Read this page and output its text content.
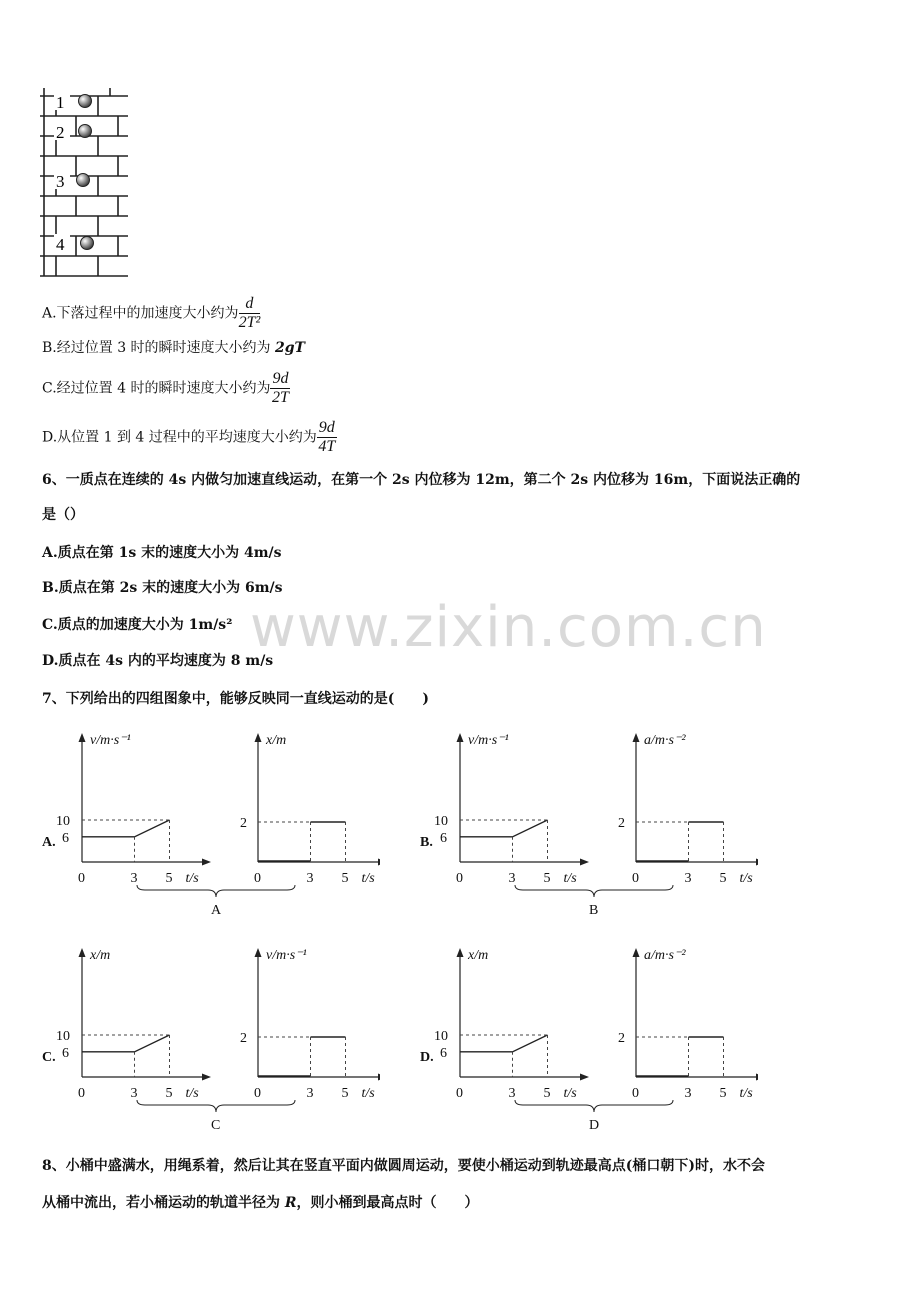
www.zixin.com.cn
1
2
3
4
A.下落过程中的加速度大小约为 $\frac{d}{\text{2T²}}$
B.经过位置 3 时的瞬时速度大小约为 2gT
C.经过位置 4 时的瞬时速度大小约为 $\frac{9d}{2T}$
D.从位置 1 到 4 过程中的平均速度大小约为 $\frac{9d}{4T}$
6、一质点在连续的 4s 内做匀加速直线运动，在第一个 2s 内位移为 12m，第二个 2s 内位移为 16m，下面说法正确的
是（）
A.质点在第 1s 末的速度大小为 4m/s
B.质点在第 2s 末的速度大小为 6m/s
C.质点的加速度大小为 1m/s²
D.质点在 4s 内的平均速度为 8 m/s
7、下列给出的四组图象中，能够反映同一直线运动的是(　　)
0	3 5 t/s
v/m·s⁻¹
0	3 5 t/s
x/m
6
10
A.
2
A
0	3 5 t/s
v/m·s⁻¹
0	3 5 t/s
a/m·s⁻²
6
10
B.
2
B
0	3 5 t/s
x/m
0	3 5 t/s
v/m·s⁻¹
6
10
C.
2
C
0	3 5 t/s
x/m
0	3 5 t/s
a/m·s⁻²
6
10
D.
2
D
8、小桶中盛满水，用绳系着，然后让其在竖直平面内做圆周运动，要使小桶运动到轨迹最高点(桶口朝下)时，水不会
从桶中流出，若小桶运动的轨道半径为 R，则小桶到最高点时（　　）
